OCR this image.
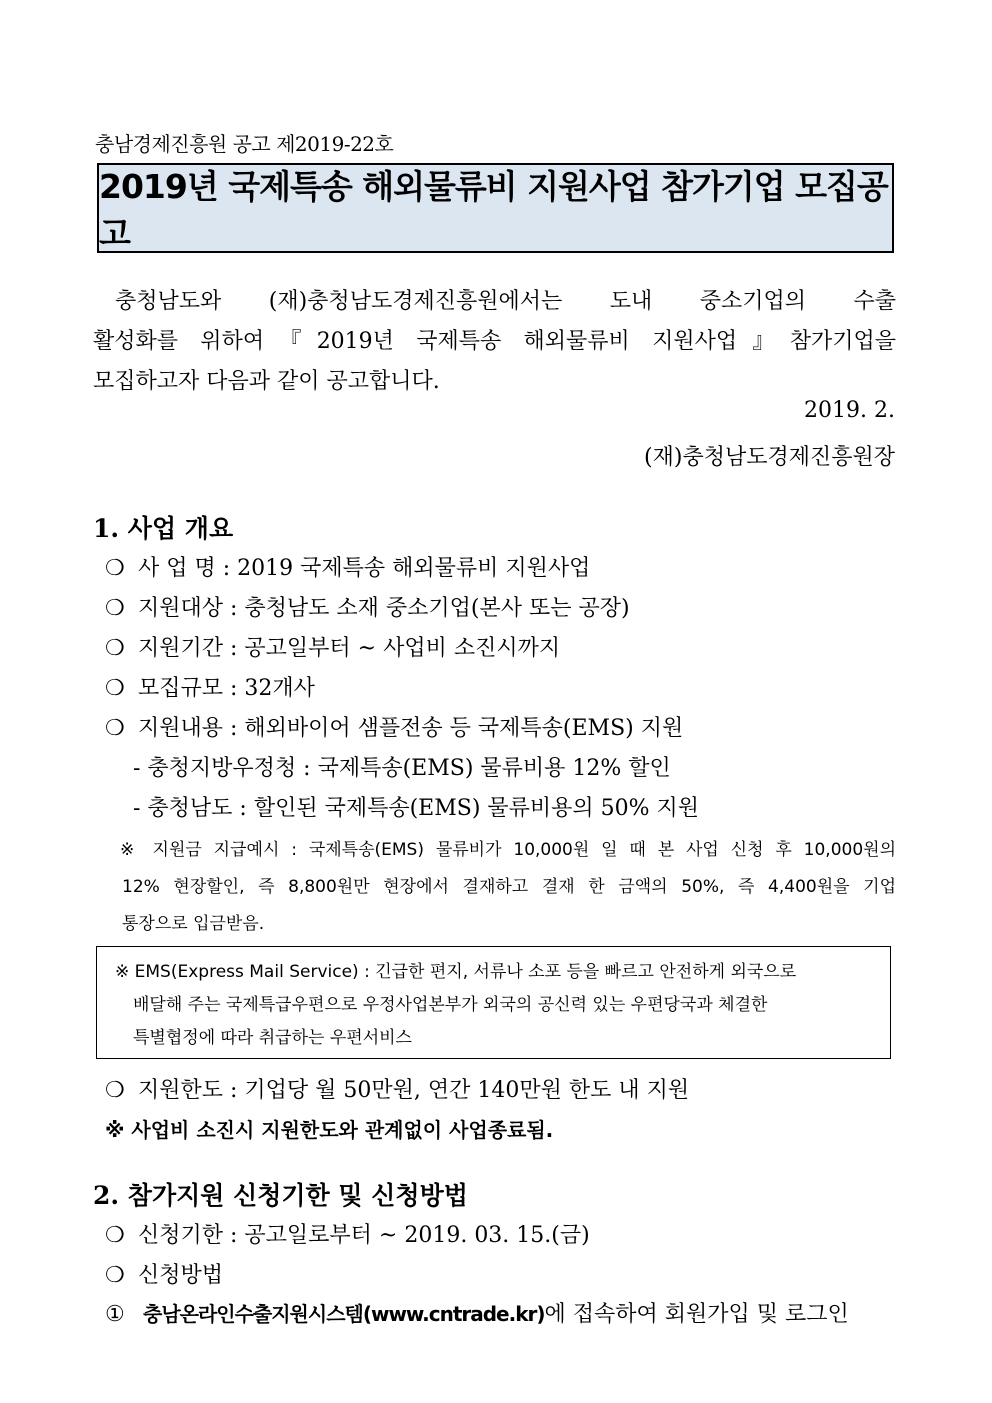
충남경제진흥원 공고 제2019-22호
2019년 국제특송 해외물류비 지원사업 참가기업 모집공고

충청남도와 (재)충청남도경제진흥원에서는 도내 중소기업의 수출

활성화를 위하여『2019년 국제특송 해외물류비 지원사업』참가기업을

모집하고자 다음과 같이 공고합니다.

2019. 2.
(재)충청남도경제진흥원장
1. 사업 개요
❍ 사 업 명 : 2019 국제특송 해외물류비 지원사업
❍ 지원대상 : 충청남도 소재 중소기업(본사 또는 공장)
❍ 지원기간 : 공고일부터 ~ 사업비 소진시까지
❍ 모집규모 : 32개사
❍ 지원내용 : 해외바이어 샘플전송 등 국제특송(EMS) 지원
- 충청지방우정청 : 국제특송(EMS) 물류비용 12% 할인
- 충청남도 : 할인된 국제특송(EMS) 물류비용의 50% 지원

※ 지원금 지급예시 : 국제특송(EMS) 물류비가 10,000원 일 때 본 사업 신청 후 10,000원의

12% 현장할인, 즉 8,800원만 현장에서 결재하고 결재 한 금액의 50%, 즉 4,400원을 기업

통장으로 입금받음.

※ EMS(Express Mail Service) : 긴급한 편지, 서류나 소포 등을 빠르고 안전하게 외국으로

배달해 주는 국제특급우편으로 우정사업본부가 외국의 공신력 있는 우편당국과 체결한

특별협정에 따라 취급하는 우편서비스

❍ 지원한도 : 기업당 월 50만원, 연간 140만원 한도 내 지원
※ 사업비 소진시 지원한도와 관계없이 사업종료됨.
2. 참가지원 신청기한 및 신청방법
❍ 신청기한 : 공고일로부터 ~ 2019. 03. 15.(금)
❍ 신청방법
① 충남온라인수출지원시스템(www.cntrade.kr)에 접속하여 회원가입 및 로그인
